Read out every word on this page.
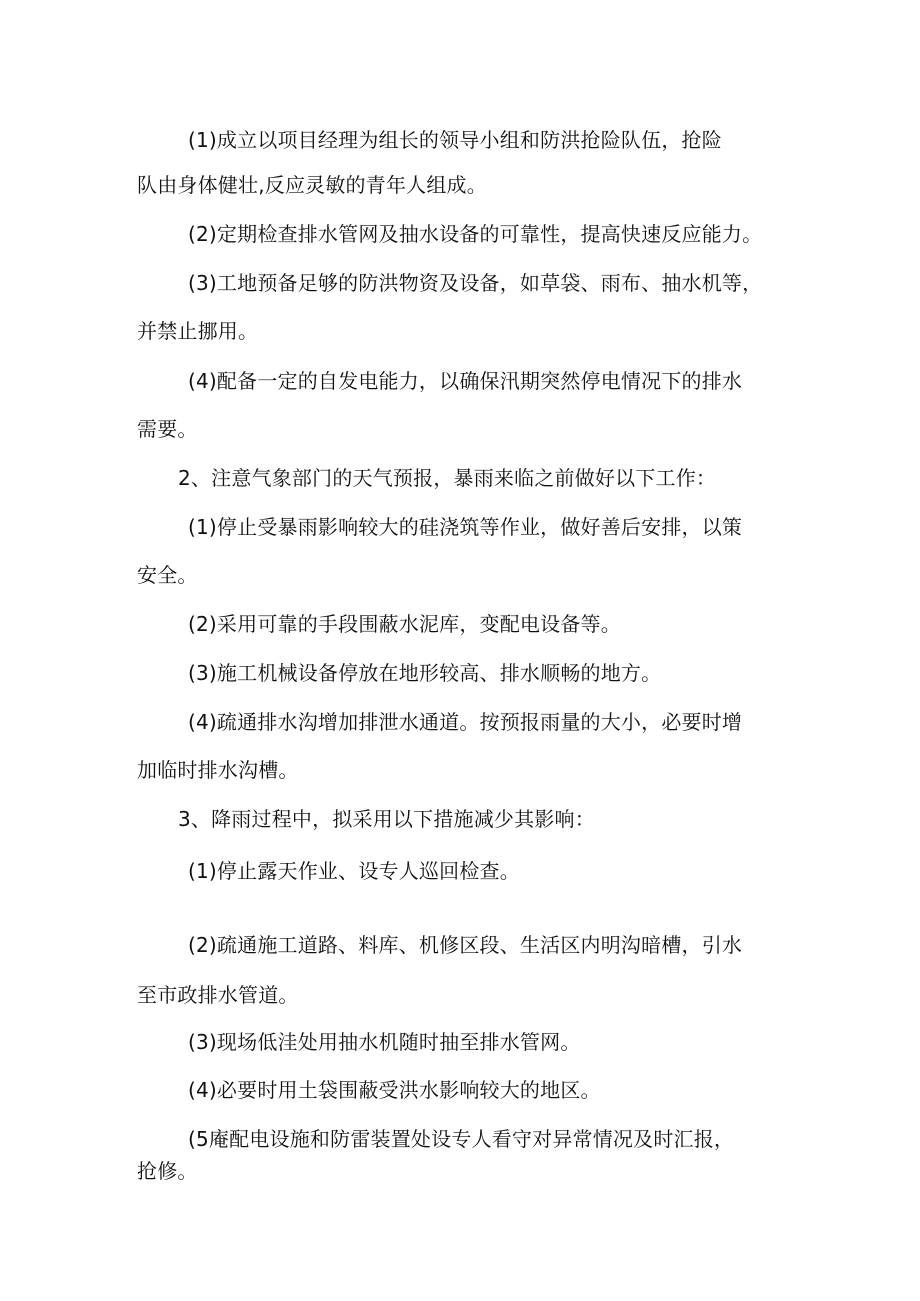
(1)成立以项目经理为组长的领导小组和防洪抢险队伍，抢险

队由身体健壮,反应灵敏的青年人组成。

(2)定期检查排水管网及抽水设备的可靠性，提高快速反应能力。

(3)工地预备足够的防洪物资及设备，如草袋、雨布、抽水机等，

并禁止挪用。

(4)配备一定的自发电能力，以确保汛期突然停电情况下的排水

需要。

2、注意气象部门的天气预报，暴雨来临之前做好以下工作：

(1)停止受暴雨影响较大的硅浇筑等作业，做好善后安排，以策

安全。

(2)采用可靠的手段围蔽水泥库，变配电设备等。

(3)施工机械设备停放在地形较高、排水顺畅的地方。

(4)疏通排水沟增加排泄水通道。按预报雨量的大小，必要时增

加临时排水沟槽。

3、降雨过程中，拟采用以下措施减少其影响：

(1)停止露天作业、设专人巡回检查。

(2)疏通施工道路、料库、机修区段、生活区内明沟暗槽，引水

至市政排水管道。

(3)现场低洼处用抽水机随时抽至排水管网。

(4)必要时用土袋围蔽受洪水影响较大的地区。

(5庵配电设施和防雷装置处设专人看守对异常情况及时汇报，

抢修。
